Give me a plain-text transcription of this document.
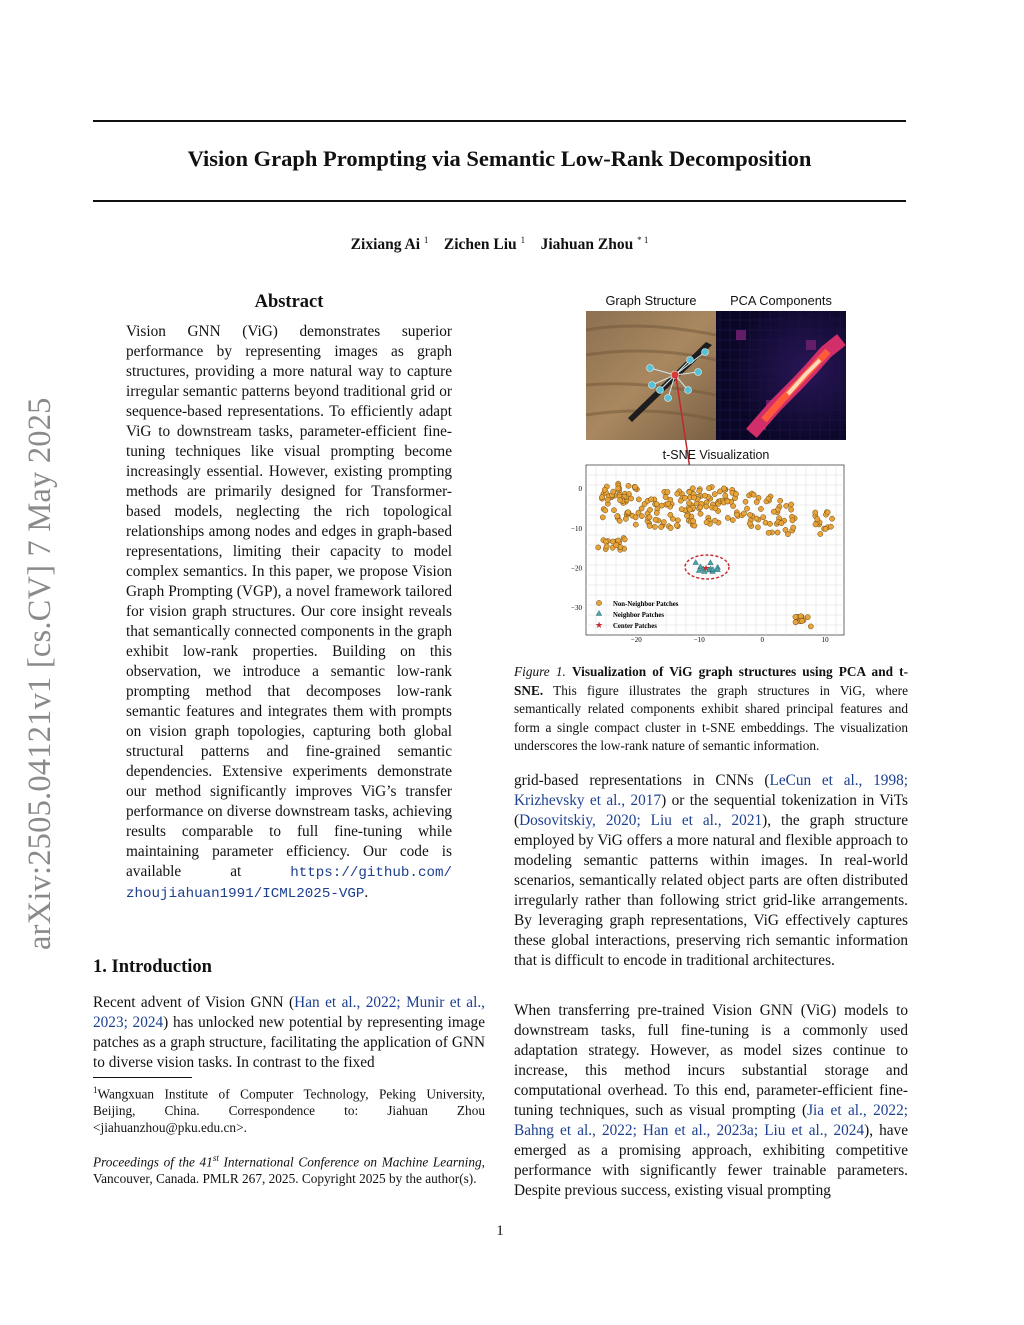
Vision Graph Prompting via Semantic Low-Rank Decomposition
Zixiang Ai $^1$ Zichen Liu $^1$ Jiahuan Zhou $^{* 1}$
arXiv:2505.04121v1 [cs.CV] 7 May 2025
Abstract

Vision GNN (ViG) demonstrates superior performance by representing images as graph structures, providing a more natural way to capture irregular semantic patterns beyond traditional grid or sequence-based representations. To efficiently adapt ViG to downstream tasks, parameter-efficient fine-tuning techniques like visual prompting become increasingly essential. However, existing prompting methods are primarily designed for Transformer-based models, neglecting the rich topological relationships among nodes and edges in graph-based representations, limiting their capacity to model complex semantics. In this paper, we propose Vision Graph Prompting (VGP), a novel framework tailored for vision graph structures. Our core insight reveals that semantically connected components in the graph exhibit low-rank properties. Building on this observation, we introduce a semantic low-rank prompting method that decomposes low-rank semantic features and integrates them with prompts on vision graph topologies, capturing both global structural patterns and fine-grained semantic dependencies. Extensive experiments demonstrate our method significantly improves ViG’s transfer performance on diverse downstream tasks, achieving results comparable to full fine-tuning while maintaining parameter efficiency. Our code is available at	https://github.com/ zhoujiahuan1991/ICML2025-VGP.

1. Introduction

Recent advent of Vision GNN (Han et al., 2022; Munir et al., 2023; 2024) has unlocked new potential by representing image patches as a graph structure, facilitating the application of GNN to diverse vision tasks. In contrast to the fixed

$^1$Wangxuan Institute of Computer Technology, Peking University, Beijing, China. Correspondence to: Jiahuan Zhou <jiahuanzhou@pku.edu.cn>.
Proceedings of the 41st International Conference on Machine Learning, Vancouver, Canada. PMLR 267, 2025. Copyright 2025 by the author(s).
Graph Structure	PCA Components
0
−10
−20
−30
−20	−10	0	10
★
Non-Neighbor Patches
Neighbor Patches
★ Center Patches
t-SNE Visualization
Figure 1. Visualization of ViG graph structures using PCA and t-SNE. This figure illustrates the graph structures in ViG, where semantically related components exhibit shared principal features and form a single compact cluster in t-SNE embeddings. The visualization underscores the low-rank nature of semantic information.

grid-based representations in CNNs (LeCun et al., 1998; Krizhevsky et al., 2017) or the sequential tokenization in ViTs (Dosovitskiy, 2020; Liu et al., 2021), the graph structure employed by ViG offers a more natural and flexible approach to modeling semantic patterns within images. In real-world scenarios, semantically related object parts are often distributed irregularly rather than following strict grid-like arrangements. By leveraging graph representations, ViG effectively captures these global interactions, preserving rich semantic information that is difficult to encode in traditional architectures.

When transferring pre-trained Vision GNN (ViG) models to downstream tasks, full fine-tuning is a commonly used adaptation strategy. However, as model sizes continue to increase, this method incurs substantial storage and computational overhead. To this end, parameter-efficient fine-tuning techniques, such as visual prompting (Jia et al., 2022; Bahng et al., 2022; Han et al., 2023a; Liu et al., 2024), have emerged as a promising approach, exhibiting competitive performance with significantly fewer trainable parameters. Despite previous success, existing visual prompting

1
